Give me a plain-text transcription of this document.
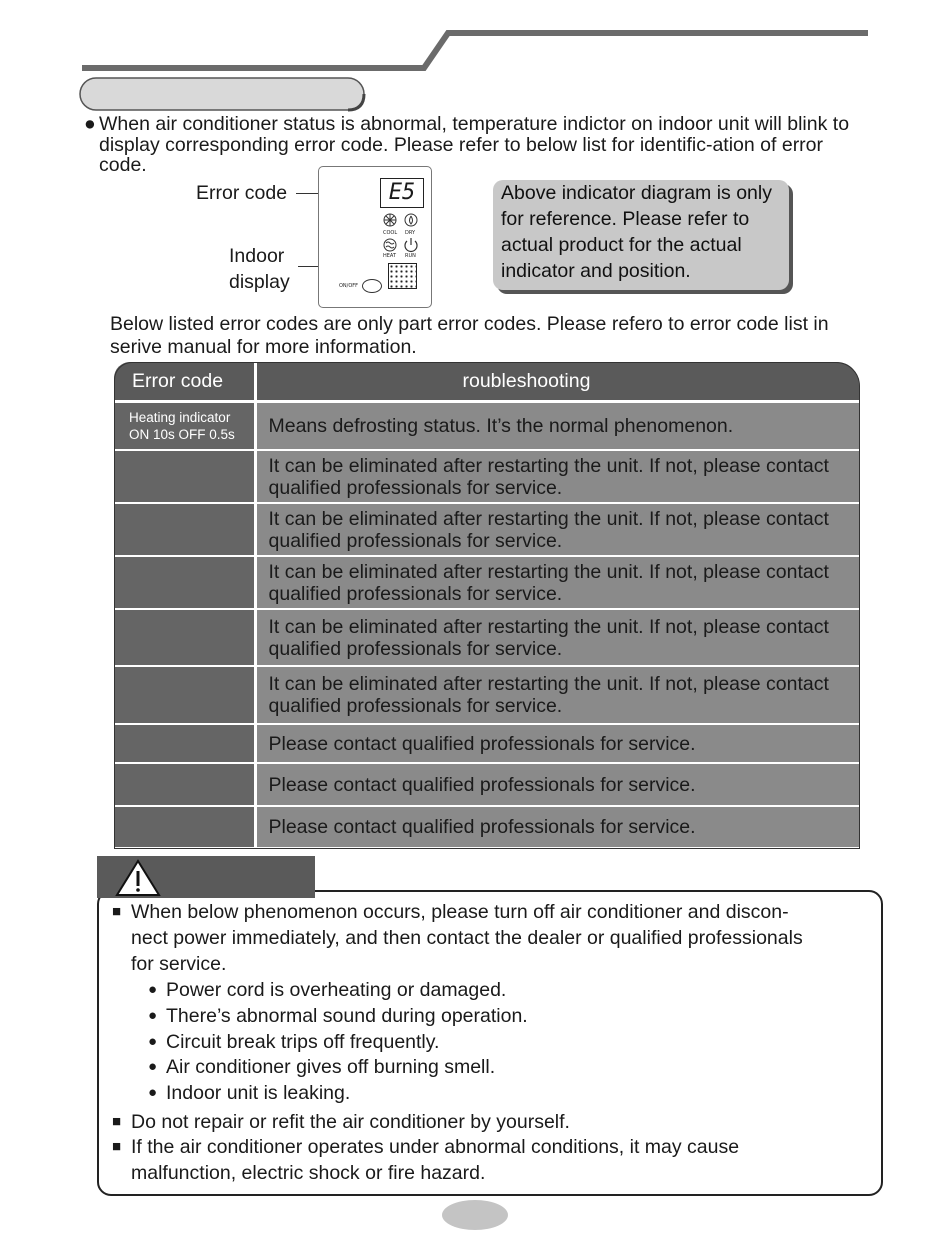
● When air conditioner status is abnormal, temperature indictor on indoor unit will blink to display corresponding error code. Please refer to below list for identific-ation of error code.
Error code
Indoor
display
E5
COOL DRY
HEAT RUN
ON/OFF

Above indicator diagram is only

for reference. Please refer to

actual product for the actual

indicator and position.

Below listed error codes are only part error codes. Please refero to error code list in serive manual for more information.
Error code	roubleshooting

Heating indicator ON 10s OFF 0.5s	Means defrosting status. It’s the normal phenomenon.
	It can be eliminated after restarting the unit. If not, please contact qualified professionals for service.
	It can be eliminated after restarting the unit. If not, please contact qualified professionals for service.
	It can be eliminated after restarting the unit. If not, please contact qualified professionals for service.
	It can be eliminated after restarting the unit. If not, please contact qualified professionals for service.
	It can be eliminated after restarting the unit. If not, please contact qualified professionals for service.
	Please contact qualified professionals for service.
	Please contact qualified professionals for service.
	Please contact qualified professionals for service.
■ When below phenomenon occurs, please turn off air conditioner and discon-
nect power immediately, and then contact the dealer or qualified professionals
for service.
● Power cord is overheating or damaged.
● There’s abnormal sound during operation.
● Circuit break trips off frequently.
● Air conditioner gives off burning smell.
● Indoor unit is leaking.
■ Do not repair or refit the air conditioner by yourself.
■ If the air conditioner operates under abnormal conditions, it may cause
malfunction, electric shock or fire hazard.
